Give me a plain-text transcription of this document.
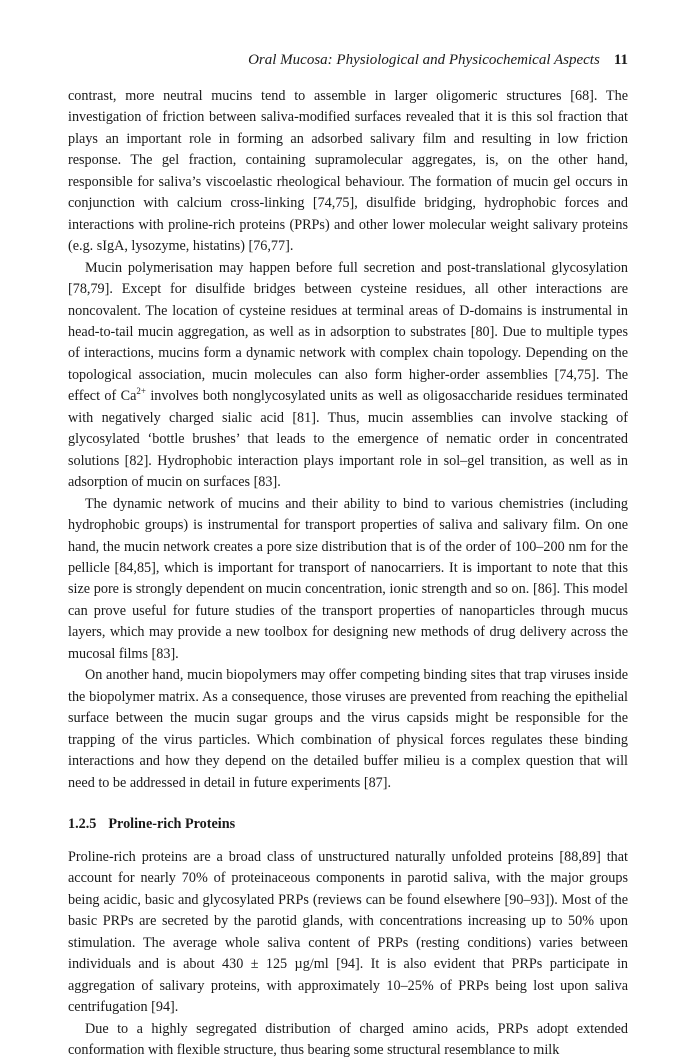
Oral Mucosa: Physiological and Physicochemical Aspects 11

contrast, more neutral mucins tend to assemble in larger oligomeric structures [68]. The investigation of friction between saliva-modified surfaces revealed that it is this sol fraction that plays an important role in forming an adsorbed salivary film and resulting in low friction response. The gel fraction, containing supramolecular aggregates, is, on the other hand, responsible for saliva’s viscoelastic rheological behaviour. The formation of mucin gel occurs in conjunction with calcium cross-linking [74,75], disulfide bridging, hydrophobic forces and interactions with proline-rich proteins (PRPs) and other lower molecular weight salivary proteins (e.g. sIgA, lysozyme, histatins) [76,77].

Mucin polymerisation may happen before full secretion and post-translational glycosylation [78,79]. Except for disulfide bridges between cysteine residues, all other interactions are noncovalent. The location of cysteine residues at terminal areas of D-domains is instrumental in head-to-tail mucin aggregation, as well as in adsorption to substrates [80]. Due to multiple types of interactions, mucins form a dynamic network with complex chain topology. Depending on the topological association, mucin molecules can also form higher-order assemblies [74,75]. The effect of $Ca^{2+}$ involves both nonglycosylated units as well as oligosaccharide residues terminated with negatively charged sialic acid [81]. Thus, mucin assemblies can involve stacking of glycosylated ‘bottle brushes’ that leads to the emergence of nematic order in concentrated solutions [82]. Hydrophobic interaction plays important role in sol–gel transition, as well as in adsorption of mucin on surfaces [83].

The dynamic network of mucins and their ability to bind to various chemistries (including hydrophobic groups) is instrumental for transport properties of saliva and salivary film. On one hand, the mucin network creates a pore size distribution that is of the order of 100–200 nm for the pellicle [84,85], which is important for transport of nanocarriers. It is important to note that this size pore is strongly dependent on mucin concentration, ionic strength and so on. [86]. This model can prove useful for future studies of the transport properties of nanoparticles through mucus layers, which may provide a new toolbox for designing new methods of drug delivery across the mucosal films [83].

On another hand, mucin biopolymers may offer competing binding sites that trap viruses inside the biopolymer matrix. As a consequence, those viruses are prevented from reaching the epithelial surface between the mucin sugar groups and the virus capsids might be responsible for the trapping of the virus particles. Which combination of physical forces regulates these binding interactions and how they depend on the detailed buffer milieu is a complex question that will need to be addressed in detail in future experiments [87].

1.2.5 Proline-rich Proteins

Proline-rich proteins are a broad class of unstructured naturally unfolded proteins [88,89] that account for nearly 70% of proteinaceous components in parotid saliva, with the major groups being acidic, basic and glycosylated PRPs (reviews can be found elsewhere [90–93]). Most of the basic PRPs are secreted by the parotid glands, with concentrations increasing up to 50% upon stimulation. The average whole saliva content of PRPs (resting conditions) varies between individuals and is about 430 ± 125 µg/ml [94]. It is also evident that PRPs participate in aggregation of salivary proteins, with approximately 10–25% of PRPs being lost upon saliva centrifugation [94].

Due to a highly segregated distribution of charged amino acids, PRPs adopt extended conformation with flexible structure, thus bearing some structural resemblance to milk
